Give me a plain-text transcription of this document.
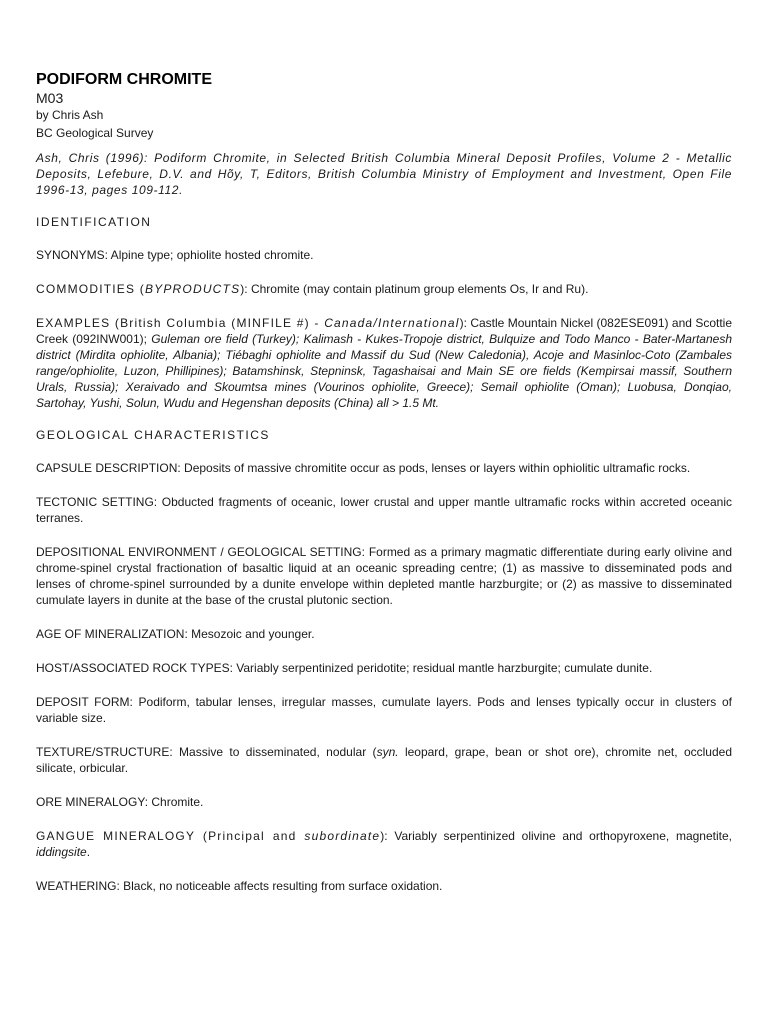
PODIFORM CHROMITE

M03

by Chris Ash

BC Geological Survey

Ash, Chris (1996): Podiform Chromite, in Selected British Columbia Mineral Deposit Profiles, Volume 2 - Metallic Deposits, Lefebure, D.V. and Hõy, T, Editors, British Columbia Ministry of Employment and Investment, Open File 1996-13, pages 109-112.

IDENTIFICATION

SYNONYMS: Alpine type; ophiolite hosted chromite.

COMMODITIES (BYPRODUCTS): Chromite (may contain platinum group elements Os, Ir and Ru).

EXAMPLES (British Columbia (MINFILE #) - Canada/International): Castle Mountain Nickel (082ESE091) and Scottie Creek (092INW001); Guleman ore field (Turkey); Kalimash - Kukes-Tropoje district, Bulquize and Todo Manco - Bater-Martanesh district (Mirdita ophiolite, Albania); Tiébaghi ophiolite and Massif du Sud (New Caledonia), Acoje and Masinloc-Coto (Zambales range/ophiolite, Luzon, Phillipines); Batamshinsk, Stepninsk, Tagashaisai and Main SE ore fields (Kempirsai massif, Southern Urals, Russia); Xeraivado and Skoumtsa mines (Vourinos ophiolite, Greece); Semail ophiolite (Oman); Luobusa, Donqiao, Sartohay, Yushi, Solun, Wudu and Hegenshan deposits (China) all > 1.5 Mt.

GEOLOGICAL CHARACTERISTICS

CAPSULE DESCRIPTION: Deposits of massive chromitite occur as pods, lenses or layers within ophiolitic ultramafic rocks.

TECTONIC SETTING: Obducted fragments of oceanic, lower crustal and upper mantle ultramafic rocks within accreted oceanic terranes.

DEPOSITIONAL ENVIRONMENT / GEOLOGICAL SETTING: Formed as a primary magmatic differentiate during early olivine and chrome-spinel crystal fractionation of basaltic liquid at an oceanic spreading centre; (1) as massive to disseminated pods and lenses of chrome-spinel surrounded by a dunite envelope within depleted mantle harzburgite; or (2) as massive to disseminated cumulate layers in dunite at the base of the crustal plutonic section.

AGE OF MINERALIZATION: Mesozoic and younger.

HOST/ASSOCIATED ROCK TYPES: Variably serpentinized peridotite; residual mantle harzburgite; cumulate dunite.

DEPOSIT FORM: Podiform, tabular lenses, irregular masses, cumulate layers. Pods and lenses typically occur in clusters of variable size.

TEXTURE/STRUCTURE: Massive to disseminated, nodular (syn. leopard, grape, bean or shot ore), chromite net, occluded silicate, orbicular.

ORE MINERALOGY: Chromite.

GANGUE MINERALOGY (Principal and subordinate): Variably serpentinized olivine and orthopyroxene, magnetite, iddingsite.

WEATHERING: Black, no noticeable affects resulting from surface oxidation.
